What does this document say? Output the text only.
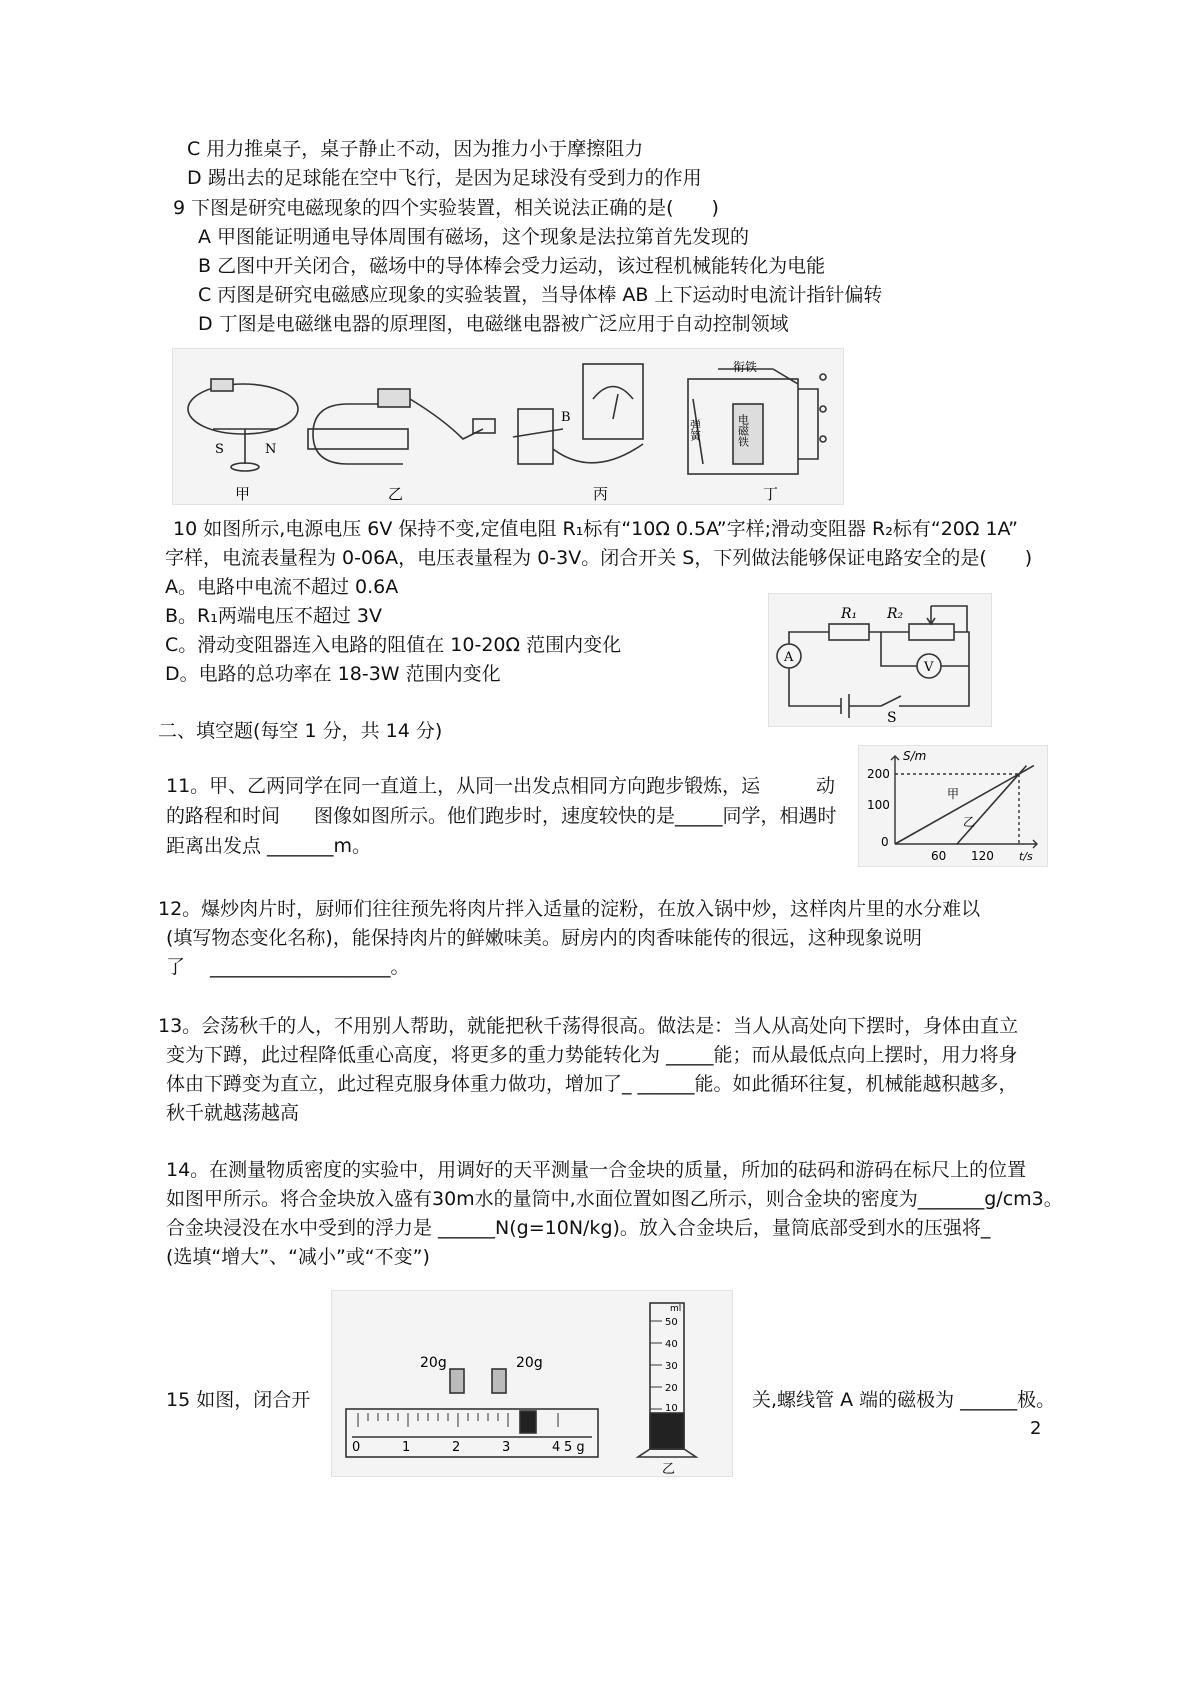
C 用力推桌子，桌子静止不动，因为推力小于摩擦阻力
D 踢出去的足球能在空中飞行，是因为足球没有受到力的作用
9 下图是研究电磁现象的四个实验装置，相关说法正确的是(　　)
A 甲图能证明通电导体周围有磁场，这个现象是法拉第首先发现的
B 乙图中开关闭合，磁场中的导体棒会受力运动，该过程机械能转化为电能
C 丙图是研究电磁感应现象的实验装置，当导体棒 AB 上下运动时电流计指针偏转
D 丁图是电磁继电器的原理图，电磁继电器被广泛应用于自动控制领域
S	N
B
衔铁
弹簧	电磁铁
甲	乙	丙	丁
10 如图所示,电源电压 6V 保持不变,定值电阻 R₁标有“10Ω 0.5A”字样;滑动变阻器 R₂标有“20Ω 1A”
字样，电流表量程为 0-06A，电压表量程为 0-3V。闭合开关 S，下列做法能够保证电路安全的是(　　)
A。电路中电流不超过 0.6A
B。R₁两端电压不超过 3V
C。滑动变阻器连入电路的阻值在 10-20Ω 范围内变化
D。电路的总功率在 18-3W 范围内变化
R₁ R₂
A
V
S
二、填空题(每空 1 分，共 14 分)
11。甲、乙两同学在同一直道上，从同一出发点相同方向跑步锻炼，运	动
的路程和时间 图像如图所示。他们跑步时，速度较快的是_____同学，相遇时
距离出发点 _______m。
S/m
t/s
200
100
0
60 120
甲
乙
12。爆炒肉片时，厨师们往往预先将肉片拌入适量的淀粉，在放入锅中炒，这样肉片里的水分难以
(填写物态变化名称)，能保持肉片的鲜嫩味美。厨房内的肉香味能传的很远，这种现象说明
了　 ___________________。
13。会荡秋千的人，不用别人帮助，就能把秋千荡得很高。做法是：当人从高处向下摆时，身体由直立
变为下蹲，此过程降低重心高度，将更多的重力势能转化为 _____能；而从最低点向上摆时，用力将身
体由下蹲变为直立，此过程克服身体重力做功，增加了_ ______能。如此循环往复，机械能越积越多，
秋千就越荡越高
14。在测量物质密度的实验中，用调好的天平测量一合金块的质量，所加的砝码和游码在标尺上的位置
如图甲所示。将合金块放入盛有30m水的量筒中,水面位置如图乙所示，则合金块的密度为_______g/cm3。
合金块浸没在水中受到的浮力是 ______N(g=10N/kg)。放入合金块后，量筒底部受到水的压强将_
(选填“增大”、“减小”或“不变”)
20g	20g
0	1	2	3	4 5 g
ml
50
40
30
20
10
乙
15 如图，闭合开	关,螺线管 A 端的磁极为 ______极。
2
